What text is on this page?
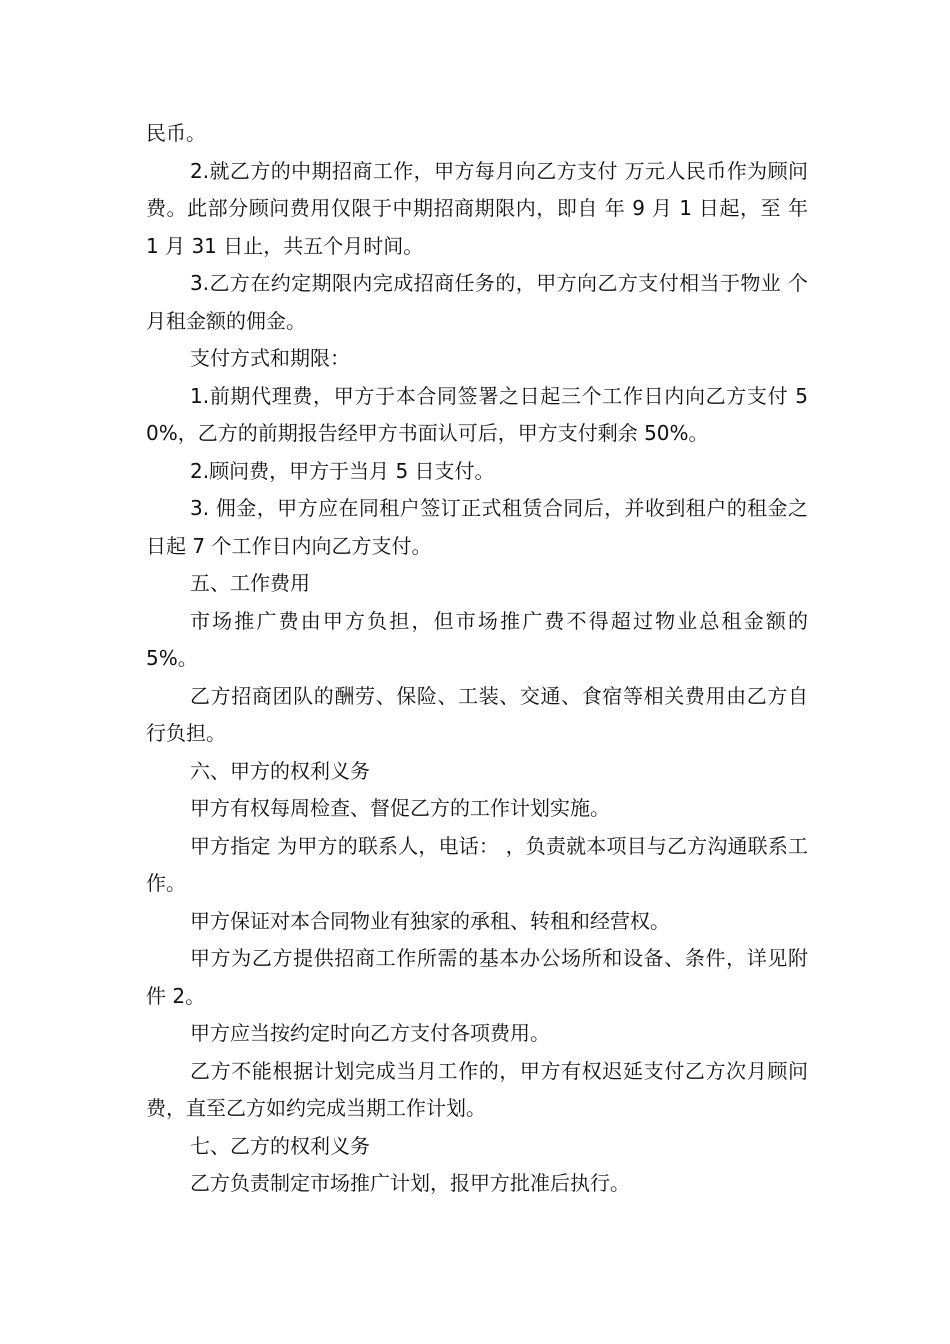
民币。

2.就乙方的中期招商工作，甲方每月向乙方支付 万元人民币作为顾问费。此部分顾问费用仅限于中期招商期限内，即自 年 9 月 1 日起，至 年 1 月 31 日止，共五个月时间。

3.乙方在约定期限内完成招商任务的，甲方向乙方支付相当于物业 个月租金额的佣金。

支付方式和期限：

1.前期代理费，甲方于本合同签署之日起三个工作日内向乙方支付 50%，乙方的前期报告经甲方书面认可后，甲方支付剩余 50%。

2.顾问费，甲方于当月 5 日支付。

3. 佣金，甲方应在同租户签订正式租赁合同后，并收到租户的租金之日起 7 个工作日内向乙方支付。

五、工作费用

市场推广费由甲方负担，但市场推广费不得超过物业总租金额的 5%。

乙方招商团队的酬劳、保险、工装、交通、食宿等相关费用由乙方自行负担。

六、甲方的权利义务

甲方有权每周检查、督促乙方的工作计划实施。

甲方指定 为甲方的联系人，电话： ，负责就本项目与乙方沟通联系工作。

甲方保证对本合同物业有独家的承租、转租和经营权。

甲方为乙方提供招商工作所需的基本办公场所和设备、条件，详见附件 2。

甲方应当按约定时向乙方支付各项费用。

乙方不能根据计划完成当月工作的，甲方有权迟延支付乙方次月顾问费，直至乙方如约完成当期工作计划。

七、乙方的权利义务

乙方负责制定市场推广计划，报甲方批准后执行。
